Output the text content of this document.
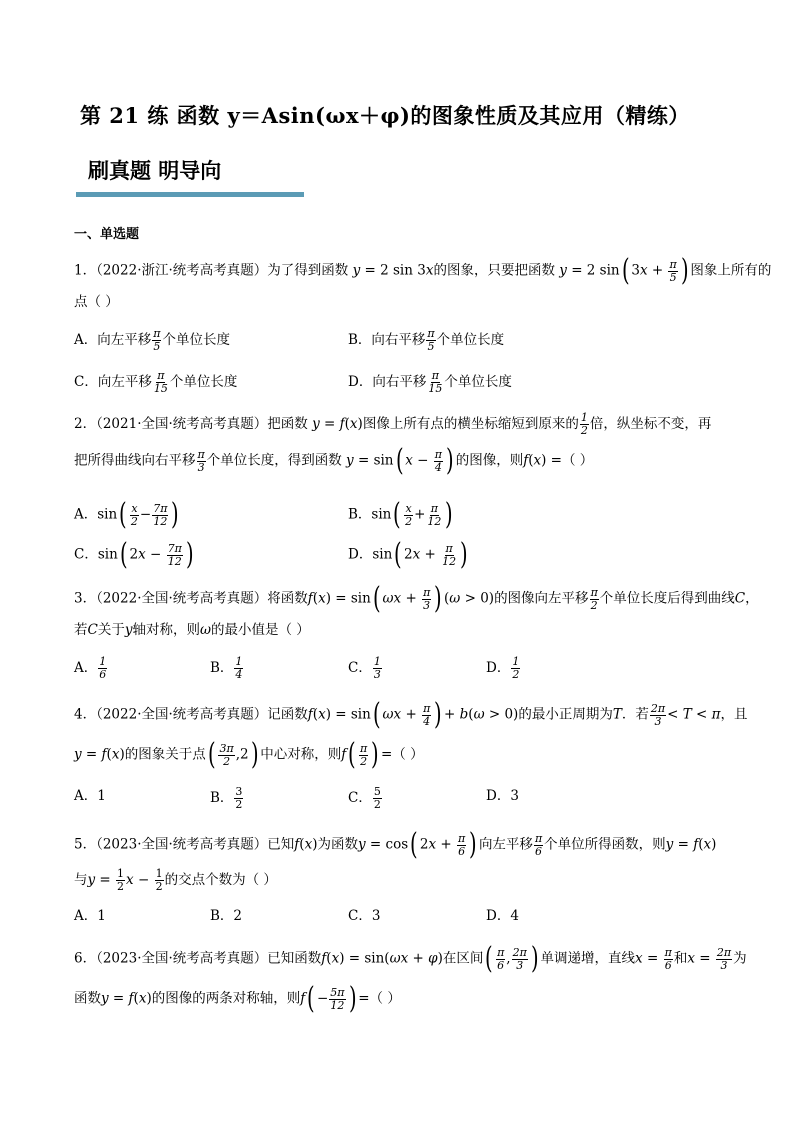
第 21 练 函数 y＝Asin(ωx＋φ)的图象性质及其应用（精练）
刷真题 明导向
一、单选题
1．（2022·浙江·统考高考真题）为了得到函数 y = 2 sin 3x的图象，只要把函数 y = 2 sin( $3x + \frac{\pi}{5}$ ) 图象上所有的
点（ ）
A．向左平移 $\frac{\pi}{5}$ 个单位长度	B．向右平移 $\frac{\pi}{5}$ 个单位长度
C．向左平移 $\frac{\pi}{15}$ 个单位长度	D．向右平移 $\frac{\pi}{15}$ 个单位长度
2．（2021·全国·统考高考真题）把函数 y = f(x)图像上所有点的横坐标缩短到原来的 $\frac{1}{2}$ 倍，纵坐标不变，再
把所得曲线向右平移 $\frac{\pi}{3}$ 个单位长度，得到函数 y = sin( $x - \frac{\pi}{4}$ ) 的图像，则f(x) =（ ）
A．$\sin( \frac{x}{2} - \frac{7\pi}{12}$ )	B．$\sin( \frac{x}{2} + \frac{\pi}{12}$ )
C．sin( $2x - \frac{7\pi}{12}$ )	D．sin( $2x + \frac{\pi}{12}$ )
3．（2022·全国·统考高考真题）将函数f(x) = sin( $\omega x + \frac{\pi}{3}$ ) (ω > 0)的图像向左平移 $\frac{\pi}{2}$ 个单位长度后得到曲线C，
若C关于y轴对称，则ω的最小值是（ ）
A． $\frac{1}{6}$	B． $\frac{1}{4}$	C． $\frac{1}{3}$	D． $\frac{1}{2}$
4．（2022·全国·统考高考真题）记函数f(x) = sin( $\omega x + \frac{\pi}{4}$ ) + b(ω > 0)的最小正周期为T．若 $\frac{2\pi}{3} < T < \pi$，且
y = f(x)的图象关于点( $\frac{3\pi}{2} ,2$) 中心对称，则$f( \frac{\pi}{2}$ ) =（ ）
A．1	B． $\frac{3}{2}$	C． $\frac{5}{2}$	D．3
5．（2023·全国·统考高考真题）已知f(x)为函数y = cos( $2x + \frac{\pi}{6}$ ) 向左平移 $\frac{\pi}{6}$ 个单位所得函数，则y = f(x)
与$y = \frac{1}{2}$ $x - \frac{1}{2}$ 的交点个数为（ ）
A．1	B．2	C．3	D．4
6．（2023·全国·统考高考真题）已知函数f(x) = sin(ωx + φ)在区间( $\frac{\pi}{6}$ , $\frac{2\pi}{3}$ ) 单调递增，直线$x = \frac{\pi}{6}$ 和$x = \frac{2\pi}{3}$ 为
函数y = f(x)的图像的两条对称轴，则$f( - \frac{5\pi}{12}$ ) =（ ）
